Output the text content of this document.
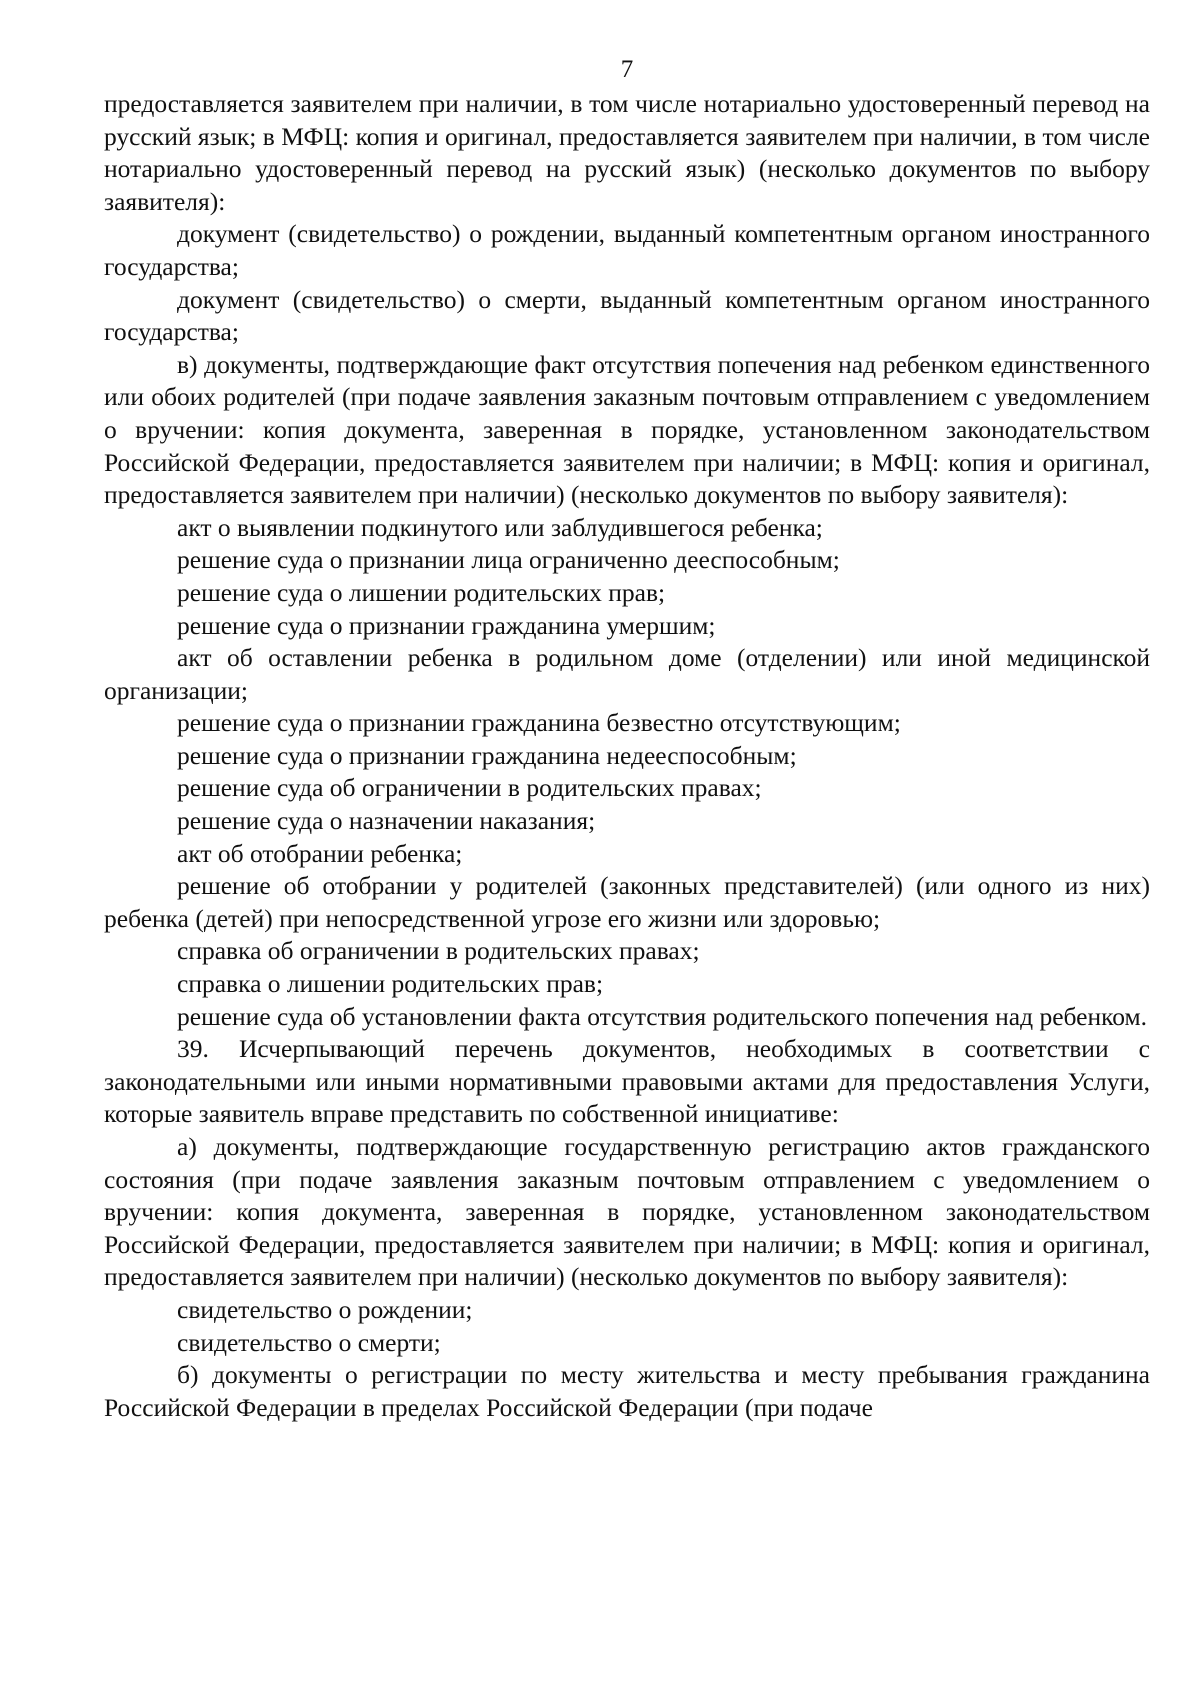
7

предоставляется заявителем при наличии, в том числе нотариально удостоверенный перевод на русский язык; в МФЦ: копия и оригинал, предоставляется заявителем при наличии, в том числе нотариально удостоверенный перевод на русский язык) (несколько документов по выбору заявителя):

документ (свидетельство) о рождении, выданный компетентным органом иностранного государства;

документ (свидетельство) о смерти, выданный компетентным органом иностранного государства;

в) документы, подтверждающие факт отсутствия попечения над ребенком единственного или обоих родителей (при подаче заявления заказным почтовым отправлением с уведомлением о вручении: копия документа, заверенная в порядке, установленном законодательством Российской Федерации, предоставляется заявителем при наличии; в МФЦ: копия и оригинал, предоставляется заявителем при наличии) (несколько документов по выбору заявителя):

акт о выявлении подкинутого или заблудившегося ребенка;

решение суда о признании лица ограниченно дееспособным;

решение суда о лишении родительских прав;

решение суда о признании гражданина умершим;

акт об оставлении ребенка в родильном доме (отделении) или иной медицинской организации;

решение суда о признании гражданина безвестно отсутствующим;

решение суда о признании гражданина недееспособным;

решение суда об ограничении в родительских правах;

решение суда о назначении наказания;

акт об отобрании ребенка;

решение об отобрании у родителей (законных представителей) (или одного из них) ребенка (детей) при непосредственной угрозе его жизни или здоровью;

справка об ограничении в родительских правах;

справка о лишении родительских прав;

решение суда об установлении факта отсутствия родительского попечения над ребенком.

39. Исчерпывающий перечень документов, необходимых в соответствии с законодательными или иными нормативными правовыми актами для предоставления Услуги, которые заявитель вправе представить по собственной инициативе:

а) документы, подтверждающие государственную регистрацию актов гражданского состояния (при подаче заявления заказным почтовым отправлением с уведомлением о вручении: копия документа, заверенная в порядке, установленном законодательством Российской Федерации, предоставляется заявителем при наличии; в МФЦ: копия и оригинал, предоставляется заявителем при наличии) (несколько документов по выбору заявителя):

свидетельство о рождении;

свидетельство о смерти;

б) документы о регистрации по месту жительства и месту пребывания гражданина Российской Федерации в пределах Российской Федерации (при подаче
